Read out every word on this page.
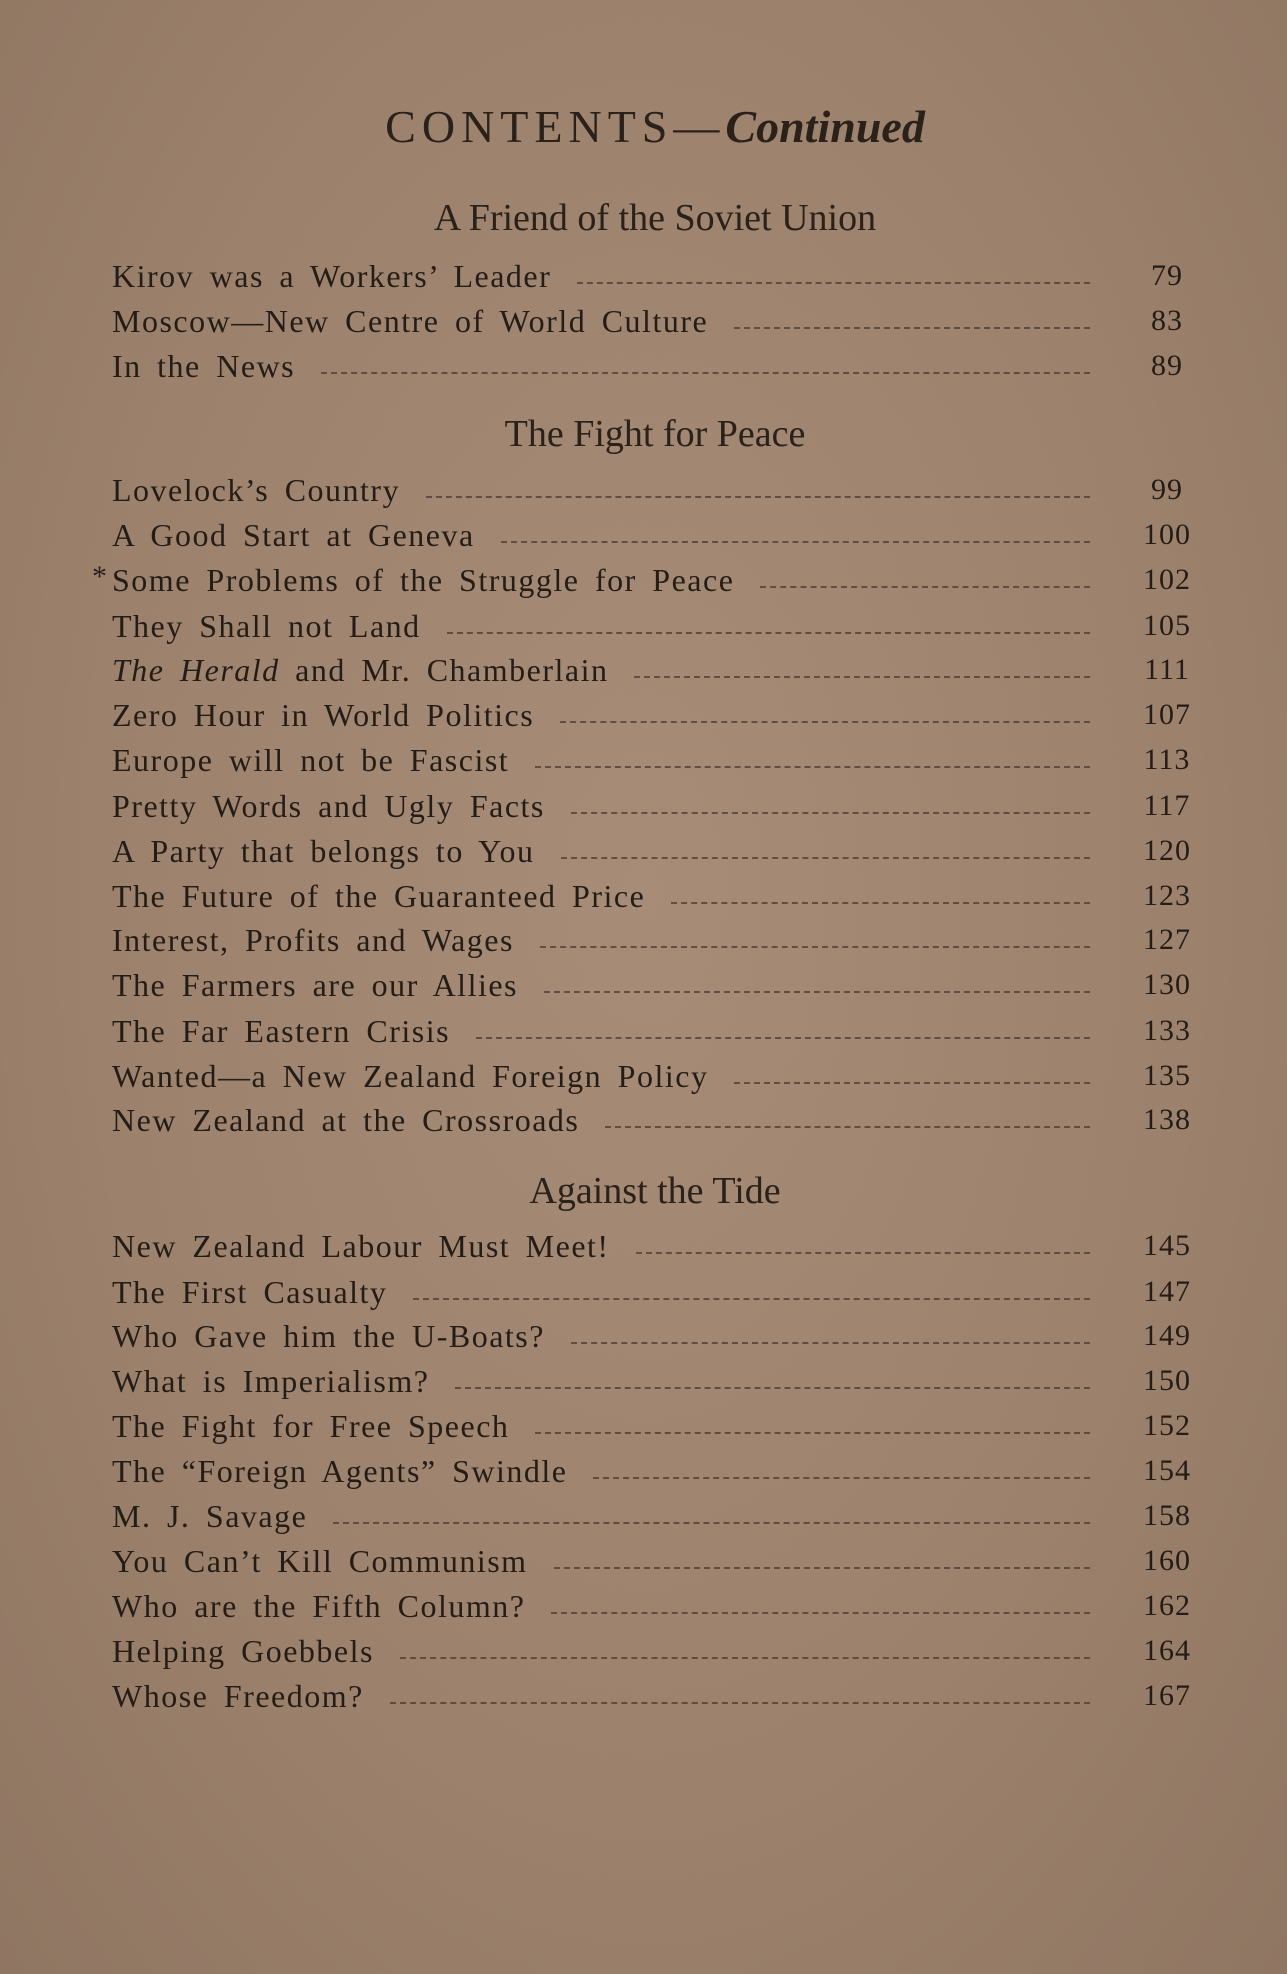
CONTENTS—Continued
A Friend of the Soviet Union
Kirov was a Workers’ Leader	79
Moscow—New Centre of World Culture	83
In the News	89
The Fight for Peace
Lovelock’s Country	99
A Good Start at Geneva	100
* Some Problems of the Struggle for Peace	102
They Shall not Land	105
The Herald and Mr. Chamberlain	111
Zero Hour in World Politics	107
Europe will not be Fascist	113
Pretty Words and Ugly Facts	117
A Party that belongs to You	120
The Future of the Guaranteed Price	123
Interest, Profits and Wages	127
The Farmers are our Allies	130
The Far Eastern Crisis	133
Wanted—a New Zealand Foreign Policy	135
New Zealand at the Crossroads	138
Against the Tide
New Zealand Labour Must Meet!	145
The First Casualty	147
Who Gave him the U-Boats?	149
What is Imperialism?	150
The Fight for Free Speech	152
The “Foreign Agents” Swindle	154
M. J. Savage	158
You Can’t Kill Communism	160
Who are the Fifth Column?	162
Helping Goebbels	164
Whose Freedom?	167
